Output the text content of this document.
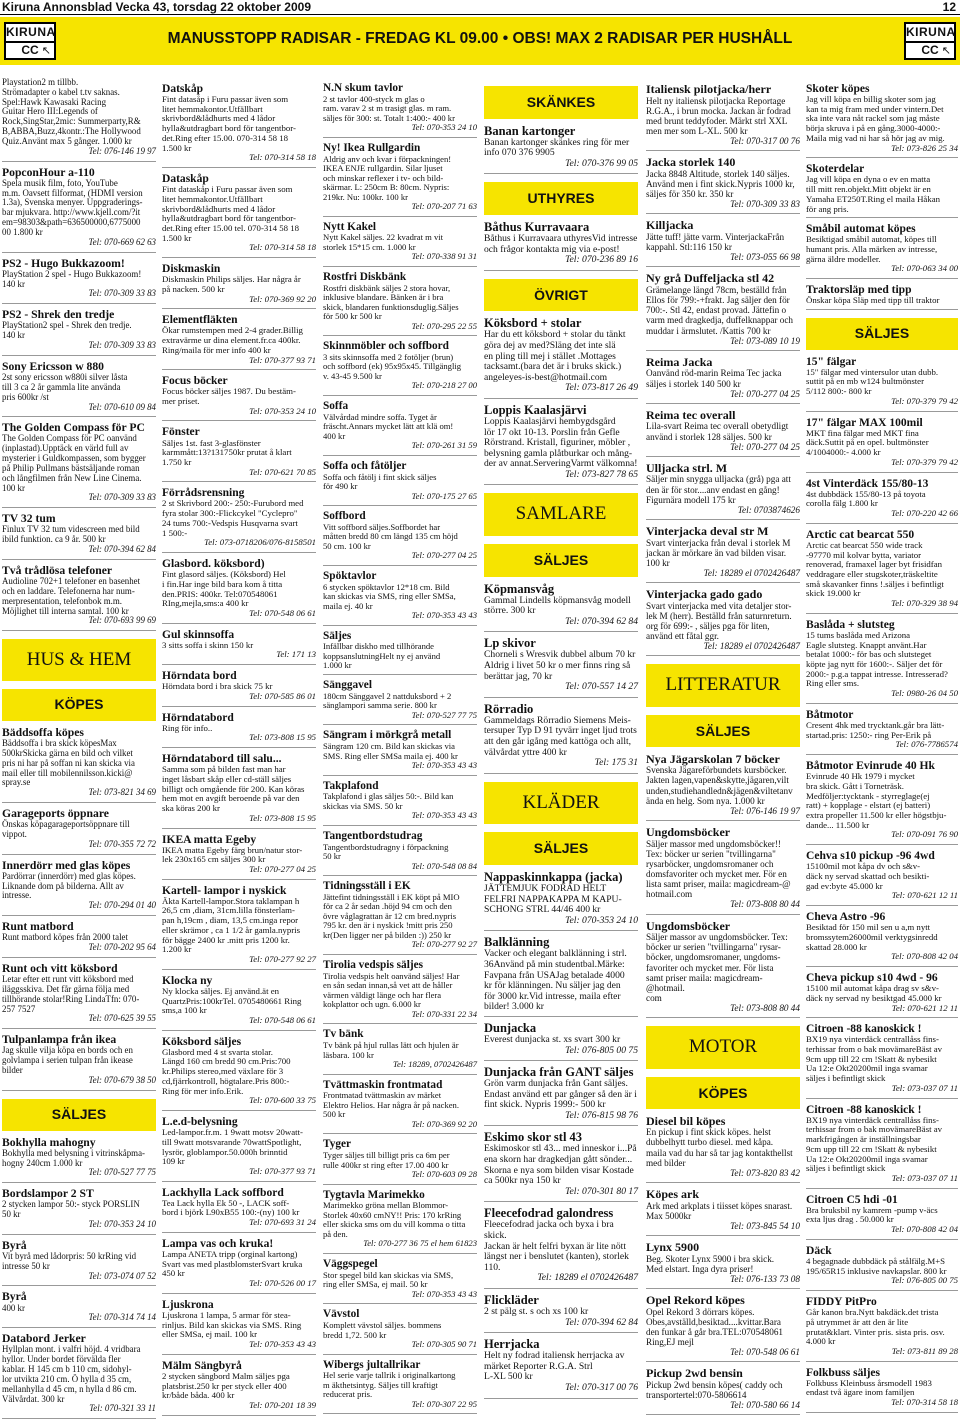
Kiruna Annonsblad Vecka 43, torsdag 22 oktober 2009	12
MANUSSTOPP RADISAR - FREDAG KL 09.00 • OBS! MAX 2 RADISAR PER HUSHÅLL
KIRUNA
CC ↖
KIRUNA
CC ↖
Playstation2 m tillbb.
Strömadapter o kabel t.tv saknas.
Spel:Hawk Kawasaki Racing
Guitar Hero III:Legends of
Rock,SingStar,2mic: Summerparty,R&
B,ABBA,Buzz,4kontr.:The Hollywood
Quiz.Använt max 5 gånger. 1.000 kr
Tel: 076-146 19 97
PopconHour a-110
Spela musik film, foto, YouTube
m.m. Oavsett filformat, (HDMI version
1.3a), Svenska menyer. Uppgraderings-
bar mjukvara. http://www.kjell.com/?it
em=98303&path=636500000,6775000
00 1.800 kr
Tel: 070-669 62 63
PS2 - Hugo Bukkazoom!
PlayStation 2 spel - Hugo Bukkazoom!
140 kr
Tel: 070-309 33 83
PS2 - Shrek den tredje
PlayStation2 spel - Shrek den tredje.
140 kr
Tel: 070-309 33 83
Sony Ericsson w 880
2st sony ericsson w880i silver låsta
till 3 ca 2 år gammla lite använda
pris 600kr /st
Tel: 070-610 09 84
The Golden Compass för PC
The Golden Compass för PC oanvänd
(inplastad).Upptäck en värld full av
mysterier i Guldkompassen, som bygger
på Philip Pullmans bästsäljande roman
och långfilmen från New Line Cinema.
100 kr
Tel: 070-309 33 83
TV 32 tum
Finlux TV 32 tum videscreen med bild
ibild funktion. ca 9 år. 500 kr
Tel: 070-394 62 84
Två trådlösa telefoner
Audioline 702+1 telefoner en basenhet
och en laddare. Telefonerna har num-
merpresentation, telefonbok m.m.
Möjlighet till interna samtal. 100 kr
Tel: 070-693 99 69
HUS & HEM
KÖPES
Bäddsoffa köpes
Bäddsoffa i bra skick köpesMax
500krSkicka gärna en bild och vilket
pris ni har på soffan ni kan skicka via
mail eller till mobilennilsson.kicki@
spray.se
Tel: 073-821 34 69
Garageports öppnare
Önskas köpagarageportsöppnare till
vippot.
Tel: 070-355 72 72
Innerdörr med glas köpes
Pardörrar (innerdörr) med glas köpes.
Liknande dom på bilderna. Allt av
intresse.
Tel: 070-294 01 40
Runt matbord
Runt matbord köpes från 2000 talet
Tel: 070-202 95 64
Runt och vitt köksbord
Letar efter ett runt vitt köksbord med
iläggsskiva. Det får gärna följa med
tillhörande stolar!Ring LindaTfn: 070-
257 7527
Tel: 070-625 39 55
Tulpanlampa från ikea
Jag skulle vilja köpa en bords och en
golvlampa i serien tulpan från ikease
bilder
Tel: 070-679 38 50
SÄLJES
Bokhylla mahogny
Bokhylla med belysning i vitrinskåpma-
hogny 240cm 1.000 kr
Tel: 070-527 77 75
Bordslampor 2 ST
2 stycken lampor 50:- styck PORSLIN
50 kr
Tel: 070-353 24 10
Byrå
Vit byrå med lådorpris: 50 krRing vid
intresse 50 kr
Tel: 073-074 07 52
Byrå
400 kr
Tel: 070-314 74 14
Databord Jerker
Hyllplan mont. i valfri höjd. 4 vridbara
hyllor. Under bordet förvälda fler
kablar. H 145 cm b 110 cm, sidohyl-
lor utvikta 210 cm. Ö hylla d 35 cm,
mellanhylla d 45 cm, n hylla d 86 cm.
Välvårdat. 300 kr
Tel: 070-321 33 11
Datskåp
Fint datasåp i Furu passar även som
litet hemmakontor.Utfällbart
skrivbord&lådhurts med 4 lådor
hylla&utdragbart bord för tangentbor-
det.Ring efter 15.00. 070-314 58 18
1.500 kr
Tel: 070-314 58 18
Dataskåp
Fint dataskåp i Furu passar även som
litet hemmakontor.Utfällbart
skrivbord&lådhurts med 4 lådor
hylla&utdragbart bord för tangentbor-
det.Ring efter 15.00 tel. 070-314 58 18
1.500 kr
Tel: 070-314 58 18
Diskmaskin
Diskmaskin Philips säljes. Har några år
på nacken. 500 kr
Tel: 070-369 92 20
Elementfläkten
Ökar rumstempen med 2-4 grader.Billig
extravärme ur dina element.fr.ca 400kr.
Ring/maila för mer info 400 kr
Tel: 070-377 93 71
Focus böcker
Focus böcker säljes 1987. Du bestäm-
mer priset.
Tel: 070-353 24 10
Fönster
Säljes 1st. fast 3-glasfönster
karmmått:13?131750kr prutat å klart
1.750 kr
Tel: 070-621 70 85
Förrådsrensning
2 st Skrivbord 200:- 250:-Furubord med
fyra stolar 300:-Flickcykel "Cyclepro"
24 tums 700:-Vedspis Husqvarna svart
1 500:-
Tel: 073-0718206/076-8158501
Glasbord. köksbord)
Fint glasord säljes. (Köksbord) Hel
i fin.Har inge bild bara kom å titta
den.PRIS: 400kr. Tel:070548061
RIng,mejla,sms:a 400 kr
Tel: 070-548 06 61
Gul skinnsoffa
3 sitts soffa i skinn 150 kr
Tel: 171 13
Hörndata bord
Hörndata bord i bra skick 75 kr
Tel: 070-585 86 01
Hörndatabord
Ring för info..
Tel: 073-808 15 95
Hörndatabord till salu...
Samma som på bilden fast man har
inget låsbart skåp eller cd-ställ säljes
billigt och omgående för 200. Kan köras
hem mot en avgift beroende på var den
ska köras 200 kr
Tel: 073-808 15 95
IKEA matta Egeby
IKEA matta Egeby färg brun/natur stor-
lek 230x165 cm säljes 300 kr
Tel: 070-277 04 25
Kartell- lampor i nyskick
Äkta Kartell-lampor.Stora taklampan h
26,5 cm ,diam, 31cm.lilla fönsterlam-
pan h,19cm , diam, 13,5 cm.inga repor
eller skrämor , ca 1 1/2 år gamla.nypris
för bägge 2400 kr .mitt pris 1200 kr.
1.200 kr
Tel: 070-277 92 27
Klocka ny
Ny klocka säljes. Ej använd.ät en
QuartzPris:100krTel. 0705480661 Ring
sms,a 100 kr
Tel: 070-548 06 61
Köksbord säljes
Glasbord med 4 st svarta stolar.
Längd 160 cm bredd 90 cm.Pris:700
kr.Philips stereo,med växlare för 3
cd,fjärrkontroll, högtalare.Pris 800:-
Ring för mer info.Erik.
Tel: 070-600 33 75
L.e.d-belysning
Led-lampor.fr.m. 1 9watt motsv 20watt-
till 9watt motsvarande 70wattSpotlight,
lysrör, globlampor.50.000h brinntid
109 kr
Tel: 070-377 93 71
Lackhylla Lack soffbord
Tea Lack hylla Ek 50 -, LACK soff-
bord i björk L90xB55 100:-(ny) 100 kr
Tel: 070-693 31 24
Lampa vas och kruka!
Lampa ANETA tripp (orginal kartong)
Svart vas med plastblomsterSvart kruka
450 kr
Tel: 070-526 00 17
Ljuskrona
Ljuskrona 1 lampa, 5 armar för stea-
rinljus. Bild kan skickas via SMS. Ring
eller SMSa, ej mail. 100 kr
Tel: 070-353 43 43
Mälm Sängbyrå
2 stycken sängbord Malm säljes pga
platsbrist.250 kr per styck eller 400
kr/både båda. 400 kr
Tel: 070-201 18 39
N.N skum tavlor
2 st tavlor 400-styck m glas o
ram. varav 2 st m trasigt glas. m ram.
säljes för 300: st. Totalt 1:400:- 400 kr
Tel: 070-353 24 10
Ny! Ikea Rullgardin
Aldrig anv och kvar i förpackningen!
IKEA ENJE rullgardin. Silar ljuset
och minskar reflexer i tv- och bild-
skärmar. L: 250cm B: 80cm. Nypris:
219kr. Nu: 100kr. 100 kr
Tel: 070-207 71 63
Nytt Kakel
Nytt Kakel säljes. 22 kvadrat m vit
storlek 15*15 cm. 1.000 kr
Tel: 070-338 91 31
Rostfri Diskbänk
Rostfri diskbänk säljes 2 stora hovar,
inklusive blandare. Bänken är i bra
skick, blandaren funktionsduglig.Säljes
för 500 kr 500 kr
Tel: 070-295 22 55
Skinnmöbler och soffbord
3 sits skinnsoffa med 2 fotöljer (brun)
och soffbord (ek) 95x95x45. Tillgänglig
v. 43-45 9.500 kr
Tel: 070-218 27 00
Soffa
Välvårdad mindre soffa. Tyget är
fräscht.Annars mycket lätt att klä om!
400 kr
Tel: 070-261 31 59
Soffa och fåtöljer
Soffa och fåtölj i fint skick säljes
för 490 kr
Tel: 070-175 27 65
Soffbord
Vitt soffbord säljes.Soffbordet har
måtten bredd 80 cm längd 135 cm höjd
50 cm. 100 kr
Tel: 070-277 04 25
Spöktavlor
6 stycken spöktavlor 12*18 cm. Bild
kan skickas via SMS, ring eller SMSa,
maila ej. 40 kr
Tel: 070-353 43 43
Säljes
Infällbar diskho med tillhörande
koppsanslutningHelt ny ej använd
1.000 kr
Sänggavel
180cm Sänggavel 2 nattduksbord + 2
sänglampori samma serie. 800 kr
Tel: 070-527 77 75
Sängram i mörkgrå metall
Sängram 120 cm. Bild kan skickas via
SMS. Ring eller SMSa maila ej. 400 kr
Tel: 070-353 43 43
Takplafond
Takplafond i glas säljes 50:-. Bild kan
skickas via SMS. 50 kr
Tel: 070-353 43 43
Tangentbordstudrag
Tangentbordstudragny i förpackning
50 kr
Tel: 070-548 08 84
Tidningsställ i EK
Jättefint tidningsställ i EK köpt på MIO
för ca 2 år sedan .höjd 94 cm och den
övre våglagrattan är 12 cm bred.nypris
795 kr. den är i nyskick !mitt pris 250
kr(Den ligger ner på bilden :)) 250 kr
Tel: 070-277 92 27
Tirolia vedspis säljes
Tirolia vedspis helt oanvänd säljes! Har
en sån sedan innan,så vet att de håller
värmen väldigt länge och har flera
kokplattor och ugn. 6.000 kr
Tel: 070-331 22 34
Tv bänk
Tv bänk på hjul rullas lätt och hjulen är
läsbara. 100 kr
Tel: 18289, 0702426487
Tvättmaskin frontmatad
Frontmatad tvättmaskin av märket
Elektro Helios. Har några år på nacken.
500 kr
Tel: 070-369 92 20
Tyger
Tyger säljes till billigt pris ca 6m per
rulle 400kr st ring efter 17.00 400 kr
Tel: 070-603 09 28
Tygtavla Marimekko
Marimekko gröna mellan Blommor-
Storlek 40x60 cmNY!! Pris: 170 krRing
eller skicka sms om du vill komma o titta
på den.
Tel: 070-277 36 75 el hem 61823
Väggspegel
Stor spegel bild kan skickas via SMS,
ring eller SMSa, ej mail. 50 kr
Tel: 070-353 43 43
Vävstol
Komplett vävstol säljes. bommens
bredd 1,72. 500 kr
Tel: 070-305 90 71
Wibergs jultallrikar
Hel serie varje tallrik i originalkartong
m äkthetsintyg. Säljes till kraftigt
reducerat pris.
Tel: 070-307 22 95
SKÄNKES
Banan kartonger
Banan kartonger skänkes ring för mer
info 070 376 9905
Tel: 070-376 99 05
UTHYRES
Båthus Kurravaara
Båthus i Kurravaara uthyresVid intresse
och frågor kontakta mig via e-post!
Tel: 070-236 89 16
ÖVRIGT
Köksbord + stolar
Har du ett köksbord + stolar du tänkt
göra dej av med?Släng det inte slä
en pling till mej i stället .Mottages
tacksamt.(bara det är i bruks skick.)
angeleyes-is-best@hotmail.com
Tel: 073-817 26 49
Loppis Kaalasjärvi
Loppis Kaalasjärvi hembygdsgård
lör 17 okt 10-13. Porslin från Gefle
Rörstrand. Kristall, figuriner, möbler ,
belysning gamla plåtburkar och mång-
der av annat.ServeringVarmt välkomna!
Tel: 073-827 78 65
SAMLARE
SÄLJES
Köpmansvåg
Gammal Lindells köpmansvåg modell
större. 300 kr
Tel: 070-394 62 84
Lp skivor
Chorneli s Wresvik dubbel album 70 kr
Aldrig i livet 50 kr o mer finns ring så
berättar jag, 70 kr
Tel: 070-557 14 27
Rörradio
Gammeldags Rörradio Siemens Meis-
tersuper Typ D 91 tyvärr inget ljud trots
att den går igång med kattöga och allt,
välvårdat yttre 400 kr
Tel: 175 31
KLÄDER
SÄLJES
Nappaskinnkappa (jacka)
JÄTTEMJUK FODRAD HELT
FELFRI NAPPAKAPPA M KAPU-
SCHONG STRL 44/46 400 kr
Tel: 070-353 24 10
Balklänning
Vacker och elegant balklänning i strl.
36Använd på min studentbal.Märke:
Favpana från USAJag betalade 4000
kr för klänningen. Nu säljer jag den
för 3000 kr.Vid intresse, maila efter
bilder! 3.000 kr
Dunjacka
Everest dunjacka st. xs svart 300 kr
Tel: 076-805 00 75
Dunjacka från GANT säljes
Grön varm dunjacka från Gant säljes.
Endast använd ett par gånger så den är i
fint skick. Nypris 1999:- 500 kr
Tel: 076-815 98 76
Eskimo skor stl 43
Eskimoskor stl 43... med inneskor i...På
ena skorn har dragkedjan gått sönder...
Skorna e nya som bilden visar Kostade
ca 500kr nya 150 kr
Tel: 070-301 80 17
Fleecefodrad galondress
Fleecefodrad jacka och byxa i bra skick.
Jackan är helt felfri byxan är lite nött
längst ner i benslutet (kanten), storlek
110.
Tel: 18289 el 0702426487
Flickläder
2 st pälg st. s och xs 100 kr
Tel: 070-394 62 84
Herrjacka
Helt ny fodrad italiensk herrjacka av
märket Reporter R.G.A. Strl
L-XL 500 kr
Tel: 070-317 00 76
Italiensk pilotjacka/herr
Helt ny italiensk pilotjacka Reportage
R.G.A., i brun mocka. Jackan är fodrad
med brunt teddyfoder. Märkt strl XXL
men mer som L-XL. 500 kr
Tel: 070-317 00 76
Jacka storlek 140
Jacka 8848 Altitude, storlek 140 säljes.
Använd men i fint skick.Nypris 1000 kr,
säljes för 350 kr. 350 kr
Tel: 070-309 33 83
Killjacka
Jätte tuff! jätte varm. VinterjackaFrån
kappahl. Stl:116 150 kr
Tel: 073-055 66 98
Ny grå Duffeljacka stl 42
Grämelange längd 78cm, beställd från
Ellos för 799:-+frakt. Jag säljer den för
700:-. Stl 42, endast provad. Jättefin o
varm med dragkedja, duffelknappar och
muddar i ärmslutet. /Kattis 700 kr
Tel: 073-089 10 19
Reima Jacka
Oanvänd röd-marin Reima Tec jacka
säljes i storlek 140 500 kr
Tel: 070-277 04 25
Reima tec overall
Lila-svart Reima tec overall obetydligt
använd i storlek 128 säljes. 500 kr
Tel: 070-277 04 25
Ulljacka strl. M
Säljer min snygga ulljacka (grå) pga att
den är för stor....anv endast en gång!
Figurnära modell 175 kr
Tel: 0703874626
Vinterjacka deval str M
Svart vinterjacka från deval i storlek M
jackan är mörkare än vad bilden visar.
100 kr
Tel: 18289 el 0702426487
Vinterjacka gado gado
Svart vinterjacka med vita detaljer stor-
lek M (herr). Beställd från saturnreturn.
org för 699:- , säljes pga för liten,
använd ett fåtal ggr.
Tel: 18289 el 0702426487
LITTERATUR
SÄLJES
Nya Jägarskolan 7 böcker
Svenska Jägareförbundets kursböcker.
Jakten lagen,vapen&skytte,jägaren,vilt
unden,studiehandledn&jägen&viltetanv
ända en helg. Som nya. 1.000 kr
Tel: 076-146 19 97
Ungdomsböcker
Säljer massor med ungdomsböcker!!
Tex: böcker ur serien "tvillingarna"
rysarböcker, ungdomsromaner och
domsfavoriter och mycket mer. För en
lista samt priser, maila: magicdream-@
hotmail.com
Tel: 073-808 80 44
Ungdomsböcker
Säljer massor av ungdomsböcker. Tex:
böcker ur serien "tvillingarna" rysar-
böcker, ungdomsromaner, ungdoms-
favoriter och mycket mer. För lista
samt priser maila: magicdream-@hotmail.
com
Tel: 073-808 80 44
MOTOR
KÖPES
Diesel bil köpes
En pickup i fint skick köpes. helst
dubbelhytt turbo diesel. med kåpa.
maila vad du har så tar jag kontakthellst
med bilder
Tel: 073-820 83 42
Köpes ark
Ark med arkplats i tiisset köpes snarast.
Max 5000kr
Tel: 073-845 54 10
Lynx 5900
Beg. Skoter Lynx 5900 i bra skick.
Med elstart. Inga dyra priser!
Tel: 076-133 73 08
Opel Rekord köpes
Opel Rekord 3 dörrars köpes.
Obes,avställd,besiktad....kvittar.Bara
den funkar å går bra.TEL:070548061
Ring,EJ mejl
Tel: 070-548 06 61
Pickup 2wd bensin
Pickup 2wd bensin köpes( caddy och
transportertel:070-5806614
Tel: 070-580 66 14
Skoter köpes
Jag vill köpa en billig skoter som jag
kan ta mig fram med under vintern.Det
ska inte vara nåt rackel som jag måste
börja skruva i på en gång.3000-4000:-
Maila mig vad ni har så hör jag av mig.
Tel: 073-826 25 34
Skoterdelar
Jag vill köpa en dyna o ev en matta
till mitt ren.objekt.Mitt objekt är en
Yamaha ET250T.Ring el maila Håkan
för ang pris.
Småbil automat köpes
Besiktigad småbil automat, köpes till
humant pris. Alla märken av intresse,
gärna äldre modeller.
Tel: 070-063 34 00
Traktorsläp med tipp
Önskar köpa Släp med tipp till traktor
SÄLJES
15" fälgar
15" fälgar med vintersulor utan dubb.
suttit på en mb w124 bultmönster
5/112 800:- 800 kr
Tel: 070-379 79 42
17" fälgar MAX 100mil
MKT fina fälgar med MKT fina
däck.Suttit på en opel. bultmönster
4/1004000:- 4.000 kr
Tel: 070-379 79 42
4st Vinterdäck 155/80-13
4st dubbdäck 155/80-13 på toyota
corolla fälg 1.800 kr
Tel: 070-220 42 66
Arctic cat bearcat 550
Arctic cat bearcat 550 wide track
-97770 mil kolvar bytta, variator
renoverad, framaxel lager byt frisidfan
veddragare eller stugskoter,träskeltite
små skavanker finns !.säljes i befintligt
skick 19.000 kr
Tel: 070-329 38 94
Baslåda + slutsteg
15 tums baslåda med Arizona
Eagle slutsteg. Knappt använt.Har
betalat 1000:- för bas och slutsteget
köpte jag nytt för 1600:-. Säljer det för
2000:- p.g.a tappat intresse. Intresserad?
Ring eller sms.
Tel: 0980-26 04 50
Båtmotor
Cresent 4hk med trycktank.går bra lätt-
startad.pris: 1250:- ring Per-Erik på
Tel: 076-7786574
Båtmotor Evinrude 40 Hk
Evinrude 40 Hk 1979 i mycket
bra skick. Gått i Torneträsk.
Medföljer:tycktank - styrreglage(ej
ratt) + kopplage - elstart (ej batteri)
extra propeller 11.500 kr eller högstbju-
dande... 11.500 kr
Tel: 070-091 76 90
Cehva s10 pickup -96 4wd
15100mil mot kåpa dv och s&v-
däck ny servad skattad och besikti-
gad ev:byte 45.000 kr
Tel: 070-621 12 11
Cheva Astro -96
Besiktad för 150 mil sen u a,m nytt
bromssytem26000mil verktygsinredd
skattad 28.000 kr
Tel: 070-808 42 04
Cheva pickup s10 4wd - 96
15100 mil automat kåpa drag sv s&v-
däck ny servad ny besiktgad 45.000 kr
Tel: 070-621 12 11
Citroen -88 kanoskick !
BX19 nya vinterdäck centrallåss fins-
terhissar from o bak movämareBäst av
9cm upp till 22 cm !Skatt & nybesikt
Ua 12:e Okt20200mil inga svamar
säljes i befintligt skick
Tel: 073-037 07 11
Citroen -88 kanoskick !
BX19 nya vinterdäck centrallåss fins-
terhissar from o bak movämareBäst av
markfrigången är inställningsbar
9cm upp till 22 cm !Skatt & nybesikt
Ua 12:e Okt20200mil inga svamar
säljes i befintligt skick
Tel: 073-037 07 11
Citroen C5 hdi -01
Bra bruksbil ny kamrem -pump v-äcs
exta ljus drag . 50.000 kr
Tel: 070-808 42 04
Däck
4 begagnade dubbdäck på stålfälg.M+S
195/65R15 inklusive navkapslar. 800 kr
Tel: 076-805 00 75
FIDDY PitPro
Går kanon bra.Nytt bakdäck.det trista
på utrymmet är att den är lite
prutat&klart. Vinter pris. sista pris. osv.
4.000 kr
Tel: 073-811 89 28
Folkbuss säljes
Folkbuss Kleinbuss årsmodell 1983
endast två ägare inom familjen

Tel: 070-314 58 18
